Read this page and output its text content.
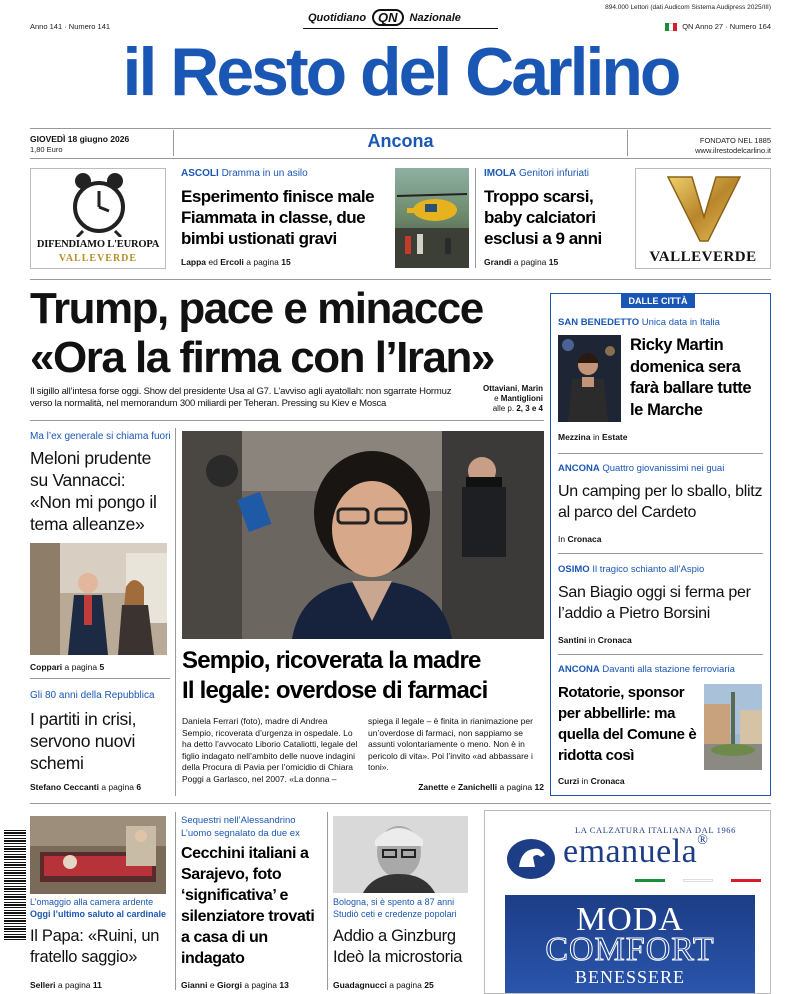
Anno 141 · Numero 141
Quotidiano QN	Nazionale
894.000 Lettori (dati Audicom Sistema Audipress 2025/III)
QN Anno 27 · Numero 164
il Resto del Carlino
GIOVEDÌ 18 giugno 2026
1,80 Euro	Ancona	FONDATO NEL 1885
www.ilrestodelcarlino.it
DIFENDIAMO L'EUROPA
VALLEVERDE
ASCOLI Dramma in un asilo
Esperimento finisce male Fiammata in classe, due bimbi ustionati gravi
Lappa ed Ercoli a pagina 15
IMOLA Genitori infuriati
Troppo scarsi, baby calciatori esclusi a 9 anni
Grandi a pagina 15	VALLEVERDE
Trump, pace e minacce
«Ora la firma con l’Iran»
Il sigillo all’intesa forse oggi. Show del presidente Usa al G7. L’avviso agli ayatollah: non sgarrate Hormuz verso la normalità, nel memorandum 300 miliardi per Teheran. Pressing su Kiev e Mosca
Ottaviani, Marin
e Mantiglioni
alle p. 2, 3 e 4
Ma l’ex generale si chiama fuori
Meloni prudente su Vannacci: «Non mi pongo il tema alleanze»
Coppari a pagina 5
Gli 80 anni della Repubblica
I partiti in crisi, servono nuovi schemi
Stefano Ceccanti a pagina 6
Sempio, ricoverata la madre
Il legale: overdose di farmaci
Daniela Ferrari (foto), madre di Andrea Sempio, ricoverata d’urgenza in ospedale. Lo ha detto l’avvocato Liborio Cataliotti, legale del figlio indagato nell’ambito delle nuove indagini della Procura di Pavia per l’omicidio di Chiara Poggi a Garlasco, nel 2007. «La donna –
spiega il legale – è finita in rianimazione per un’overdose di farmaci, non sappiamo se assunti volontariamente o meno. Non è in pericolo di vita». Poi l’invito «ad abbassare i toni».
Zanette e Zanichelli a pagina 12
DALLE CITTÀ
SAN BENEDETTO Unica data in Italia
Ricky Martin domenica sera farà ballare tutte le Marche
Mezzina in Estate
ANCONA Quattro giovanissimi nei guai
Un camping per lo sballo, blitz al parco del Cardeto
In Cronaca
OSIMO Il tragico schianto all’Aspio
San Biagio oggi si ferma per l’addio a Pietro Borsini
Santini in Cronaca
ANCONA Davanti alla stazione ferroviaria
Rotatorie, sponsor per abbellirle: ma quella del Comune è ridotta così
Curzi in Cronaca
L’omaggio alla camera ardente
Oggi l’ultimo saluto al cardinale
Il Papa: «Ruini, un fratello saggio»
Selleri a pagina 11
Sequestri nell’Alessandrino
L’uomo segnalato da due ex
Cecchini italiani a Sarajevo, foto ‘significativa’ e silenziatore trovati a casa di un indagato
Gianni e Giorgi a pagina 13
Bologna, si è spento a 87 anni
Studiò ceti e credenze popolari
Addio a Ginzburg Ideò la microstoria
Guadagnucci a pagina 25
LA CALZATURA ITALIANA DAL 1966
emanuela®
MODA
COMFORT
BENESSERE
